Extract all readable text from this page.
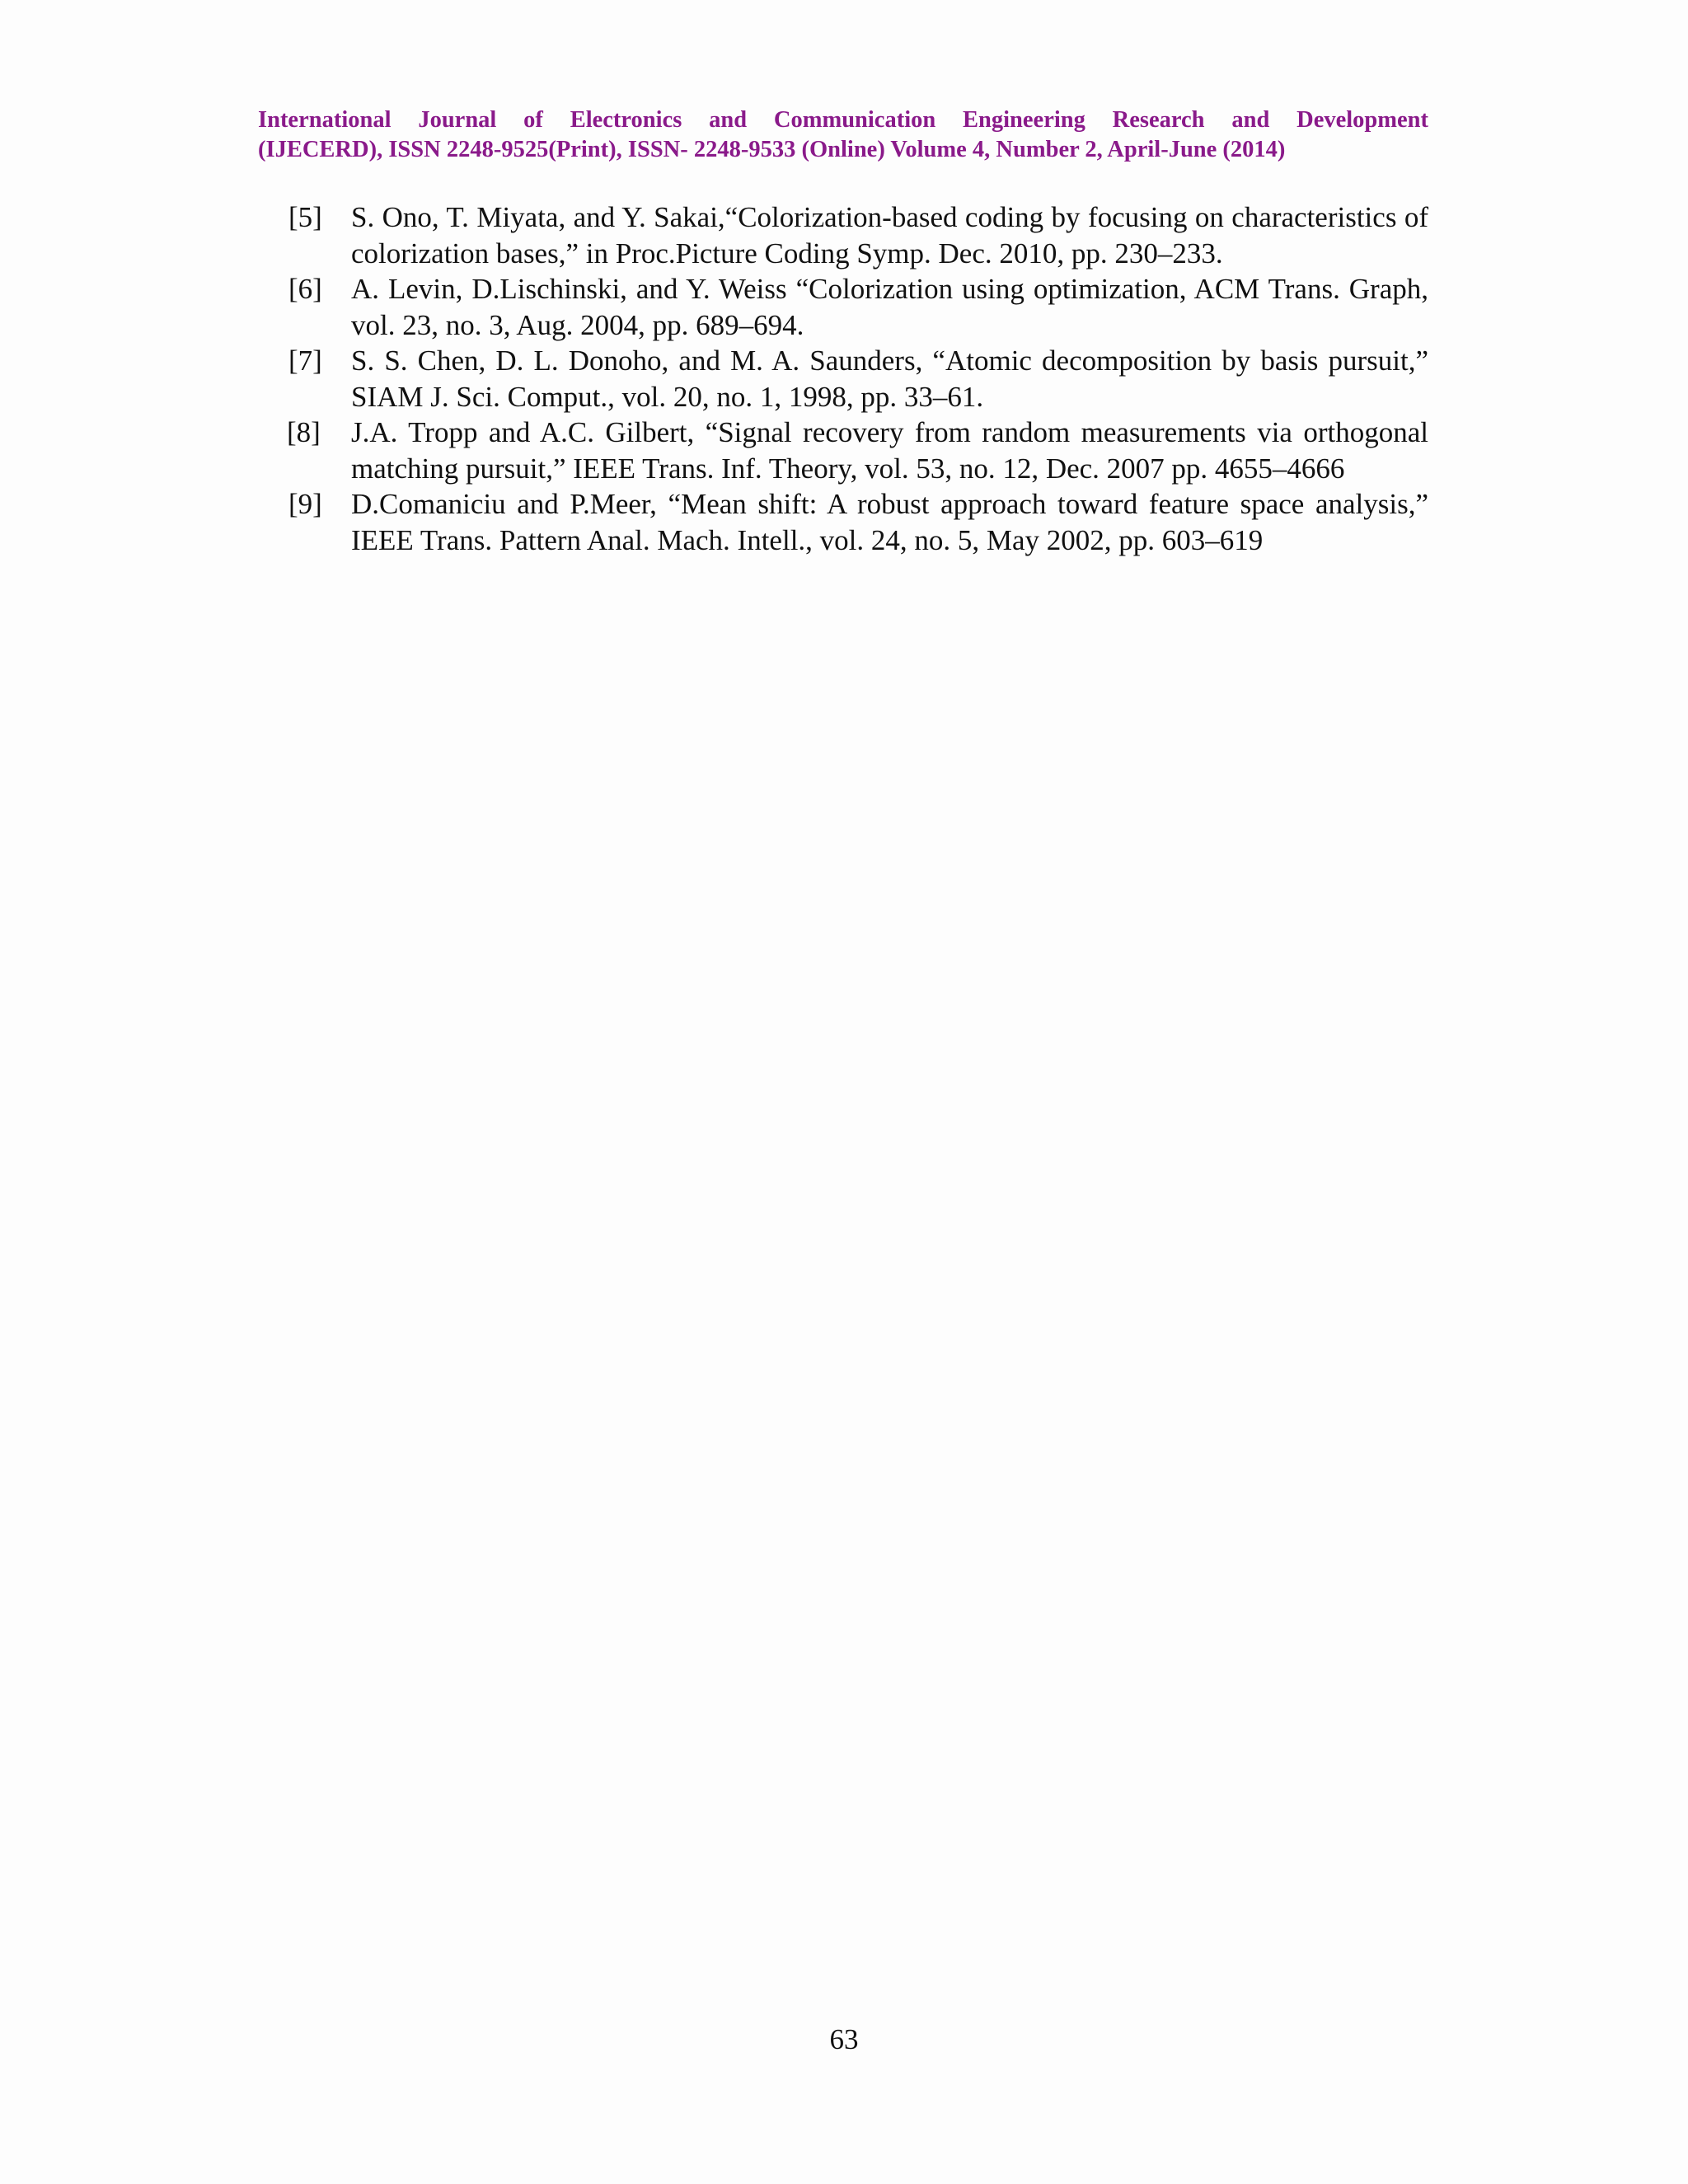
International Journal of Electronics and Communication Engineering Research and Development
(IJECERD), ISSN 2248-9525(Print), ISSN- 2248-9533 (Online) Volume 4, Number 2, April-June (2014)
[5] S. Ono, T. Miyata, and Y. Sakai,“Colorization-based coding by focusing on characteristics of colorization bases,” in Proc.Picture Coding Symp. Dec. 2010, pp. 230–233.
[6] A. Levin, D.Lischinski, and Y. Weiss “Colorization using optimization, ACM Trans. Graph, vol. 23, no. 3, Aug. 2004, pp. 689–694.
[7] S. S. Chen, D. L. Donoho, and M. A. Saunders, “Atomic decomposition by basis pursuit,” SIAM J. Sci. Comput., vol. 20, no. 1, 1998, pp. 33–61.
[8] J.A. Tropp and A.C. Gilbert, “Signal recovery from random measurements via orthogonal matching pursuit,” IEEE Trans. Inf. Theory, vol. 53, no. 12, Dec. 2007 pp. 4655–4666
[9] D.Comaniciu and P.Meer, “Mean shift: A robust approach toward feature space analysis,” IEEE Trans. Pattern Anal. Mach. Intell., vol. 24, no. 5, May 2002, pp. 603–619
63
